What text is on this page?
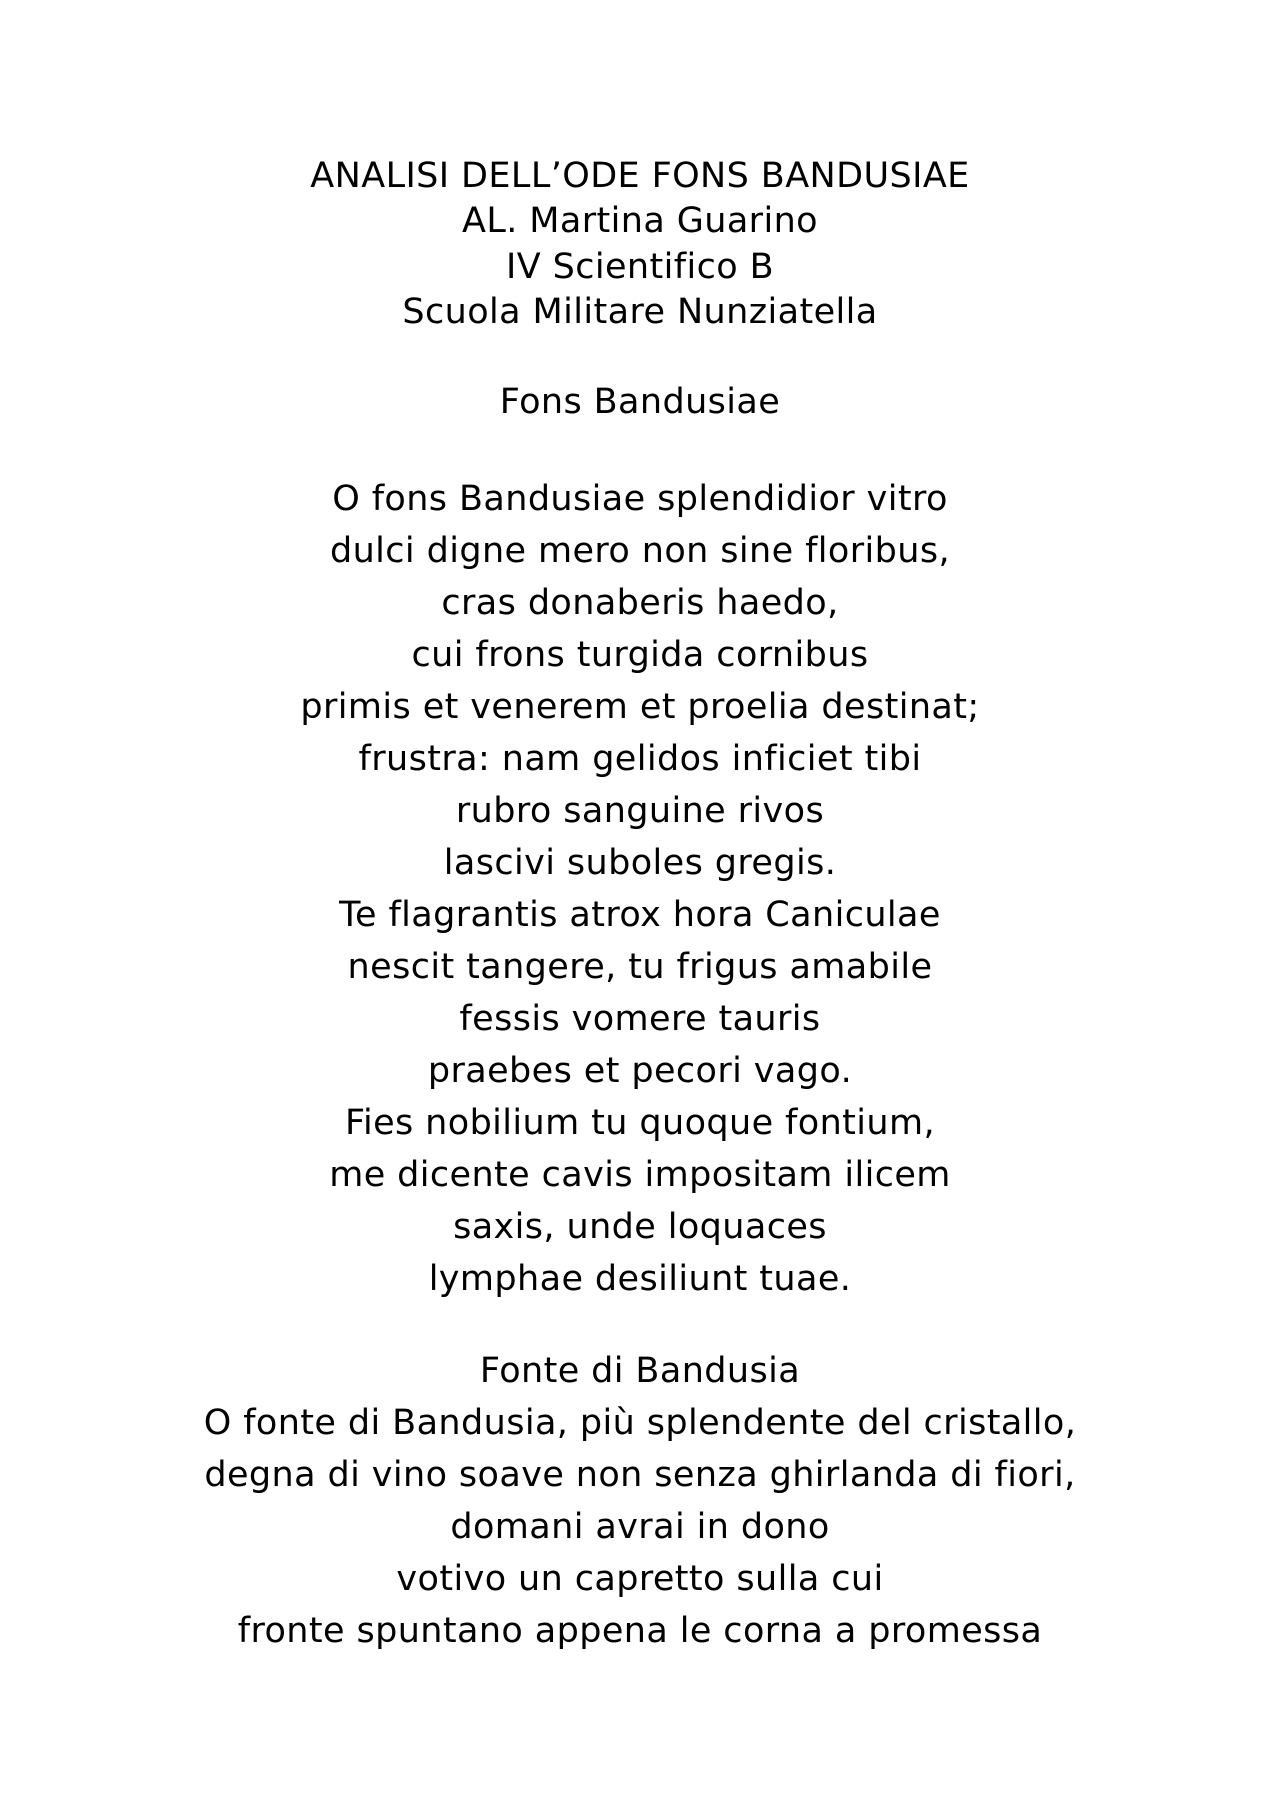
ANALISI DELL’ODE FONS BANDUSIAE
AL. Martina Guarino
IV Scientifico B
Scuola Militare Nunziatella
Fons Bandusiae
O fons Bandusiae splendidior vitro
dulci digne mero non sine floribus,
cras donaberis haedo,
cui frons turgida cornibus
primis et venerem et proelia destinat;
frustra: nam gelidos inficiet tibi
rubro sanguine rivos
lascivi suboles gregis.
Te flagrantis atrox hora Caniculae
nescit tangere, tu frigus amabile
fessis vomere tauris
praebes et pecori vago.
Fies nobilium tu quoque fontium,
me dicente cavis impositam ilicem
saxis, unde loquaces
lymphae desiliunt tuae.
Fonte di Bandusia
O fonte di Bandusia, più splendente del cristallo,
degna di vino soave non senza ghirlanda di fiori,
domani avrai in dono
votivo un capretto sulla cui
fronte spuntano appena le corna a promessa
